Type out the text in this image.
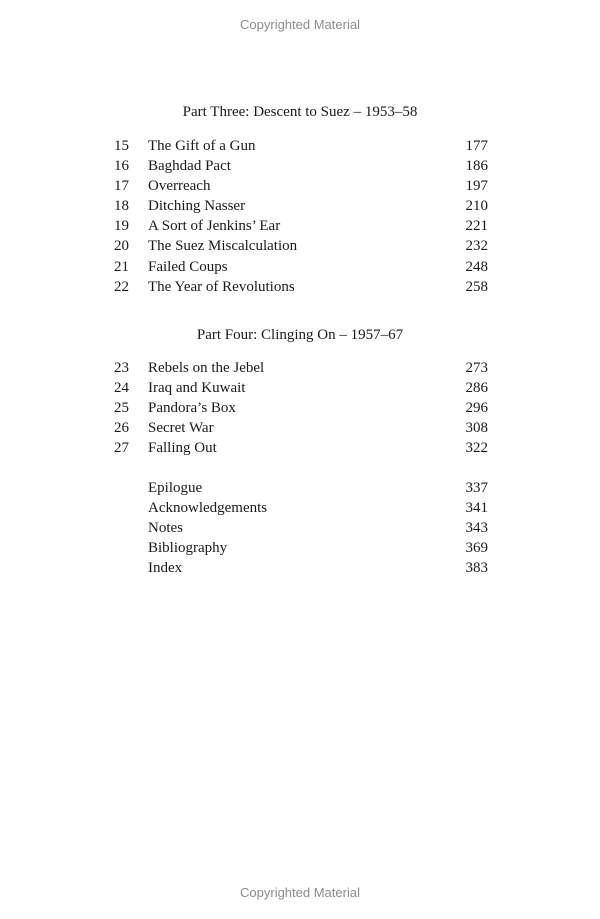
Copyrighted Material
Part Three: Descent to Suez – 1953–58
15	The Gift of a Gun	177
16	Baghdad Pact	186
17	Overreach	197
18	Ditching Nasser	210
19	A Sort of Jenkins’ Ear	221
20	The Suez Miscalculation	232
21	Failed Coups	248
22	The Year of Revolutions	258
Part Four: Clinging On – 1957–67
23	Rebels on the Jebel	273
24	Iraq and Kuwait	286
25	Pandora’s Box	296
26	Secret War	308
27	Falling Out	322
Epilogue	337
Acknowledgements	341
Notes	343
Bibliography	369
Index	383
Copyrighted Material
